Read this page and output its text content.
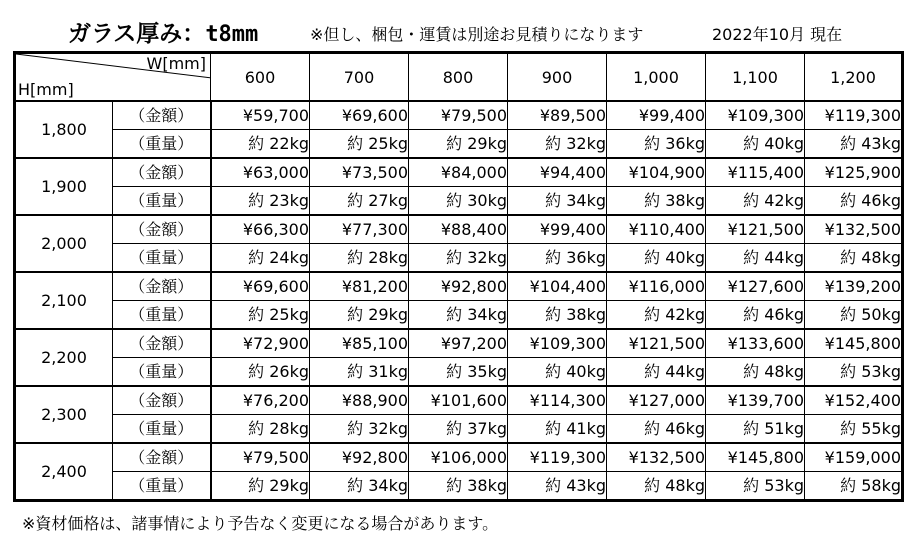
ガラス厚み：t8mm	※但し、梱包・運賃は別途お見積りになります	2022年10月 現在
W[mm]
H[mm]		600	700	800	900	1,000	1,100	1,200
1,800	（金額）	¥59,700	¥69,600	¥79,500	¥89,500	¥99,400	¥109,300	¥119,300
	（重量）	約 22kg	約 25kg	約 29kg	約 32kg	約 36kg	約 40kg	約 43kg
1,900	（金額）	¥63,000	¥73,500	¥84,000	¥94,400	¥104,900	¥115,400	¥125,900
	（重量）	約 23kg	約 27kg	約 30kg	約 34kg	約 38kg	約 42kg	約 46kg
2,000	（金額）	¥66,300	¥77,300	¥88,400	¥99,400	¥110,400	¥121,500	¥132,500
	（重量）	約 24kg	約 28kg	約 32kg	約 36kg	約 40kg	約 44kg	約 48kg
2,100	（金額）	¥69,600	¥81,200	¥92,800	¥104,400	¥116,000	¥127,600	¥139,200
	（重量）	約 25kg	約 29kg	約 34kg	約 38kg	約 42kg	約 46kg	約 50kg
2,200	（金額）	¥72,900	¥85,100	¥97,200	¥109,300	¥121,500	¥133,600	¥145,800
	（重量）	約 26kg	約 31kg	約 35kg	約 40kg	約 44kg	約 48kg	約 53kg
2,300	（金額）	¥76,200	¥88,900	¥101,600	¥114,300	¥127,000	¥139,700	¥152,400
	（重量）	約 28kg	約 32kg	約 37kg	約 41kg	約 46kg	約 51kg	約 55kg
2,400	（金額）	¥79,500	¥92,800	¥106,000	¥119,300	¥132,500	¥145,800	¥159,000
	（重量）	約 29kg	約 34kg	約 38kg	約 43kg	約 48kg	約 53kg	約 58kg
※資材価格は、諸事情により予告なく変更になる場合があります。
